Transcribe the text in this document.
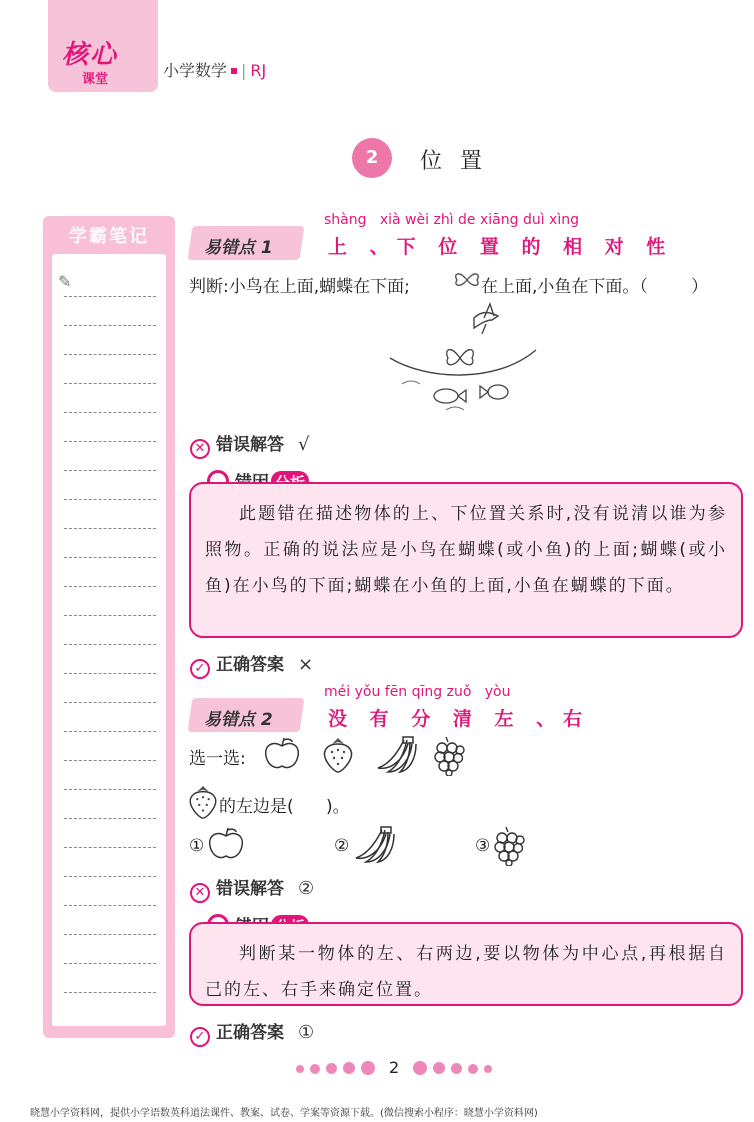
核心
课堂	小学数学 | RJ
2	位置
学霸笔记
✎
易错点 1
shàng   xià wèi zhì de xiāng duì xìng
上 、下 位 置 的 相 对 性
判断:小鸟在上面,蝴蝶在下面;	在上面,小鱼在下面。（        ）
✕ 错误解答 √
此题错在描述物体的上、下位置关系时,没有说清以谁为参照物。正确的说法应是小鸟在蝴蝶(或小鱼)的上面;蝴蝶(或小鱼)在小鸟的下面;蝴蝶在小鱼的上面,小鱼在蝴蝶的下面。
✓ 正确答案 ×
易错点 2
méi yǒu fēn qīng zuǒ   yòu
没 有 分 清 左 、右
选一选:
的左边是(      )。
①	②	③
✕ 错误解答 ②
判断某一物体的左、右两边,要以物体为中心点,再根据自己的左、右手来确定位置。
✓ 正确答案 ①
2
晓慧小学资料网，提供小学语数英科道法课件、教案、试卷、学案等资源下载。(微信搜索小程序：晓慧小学资料网)
